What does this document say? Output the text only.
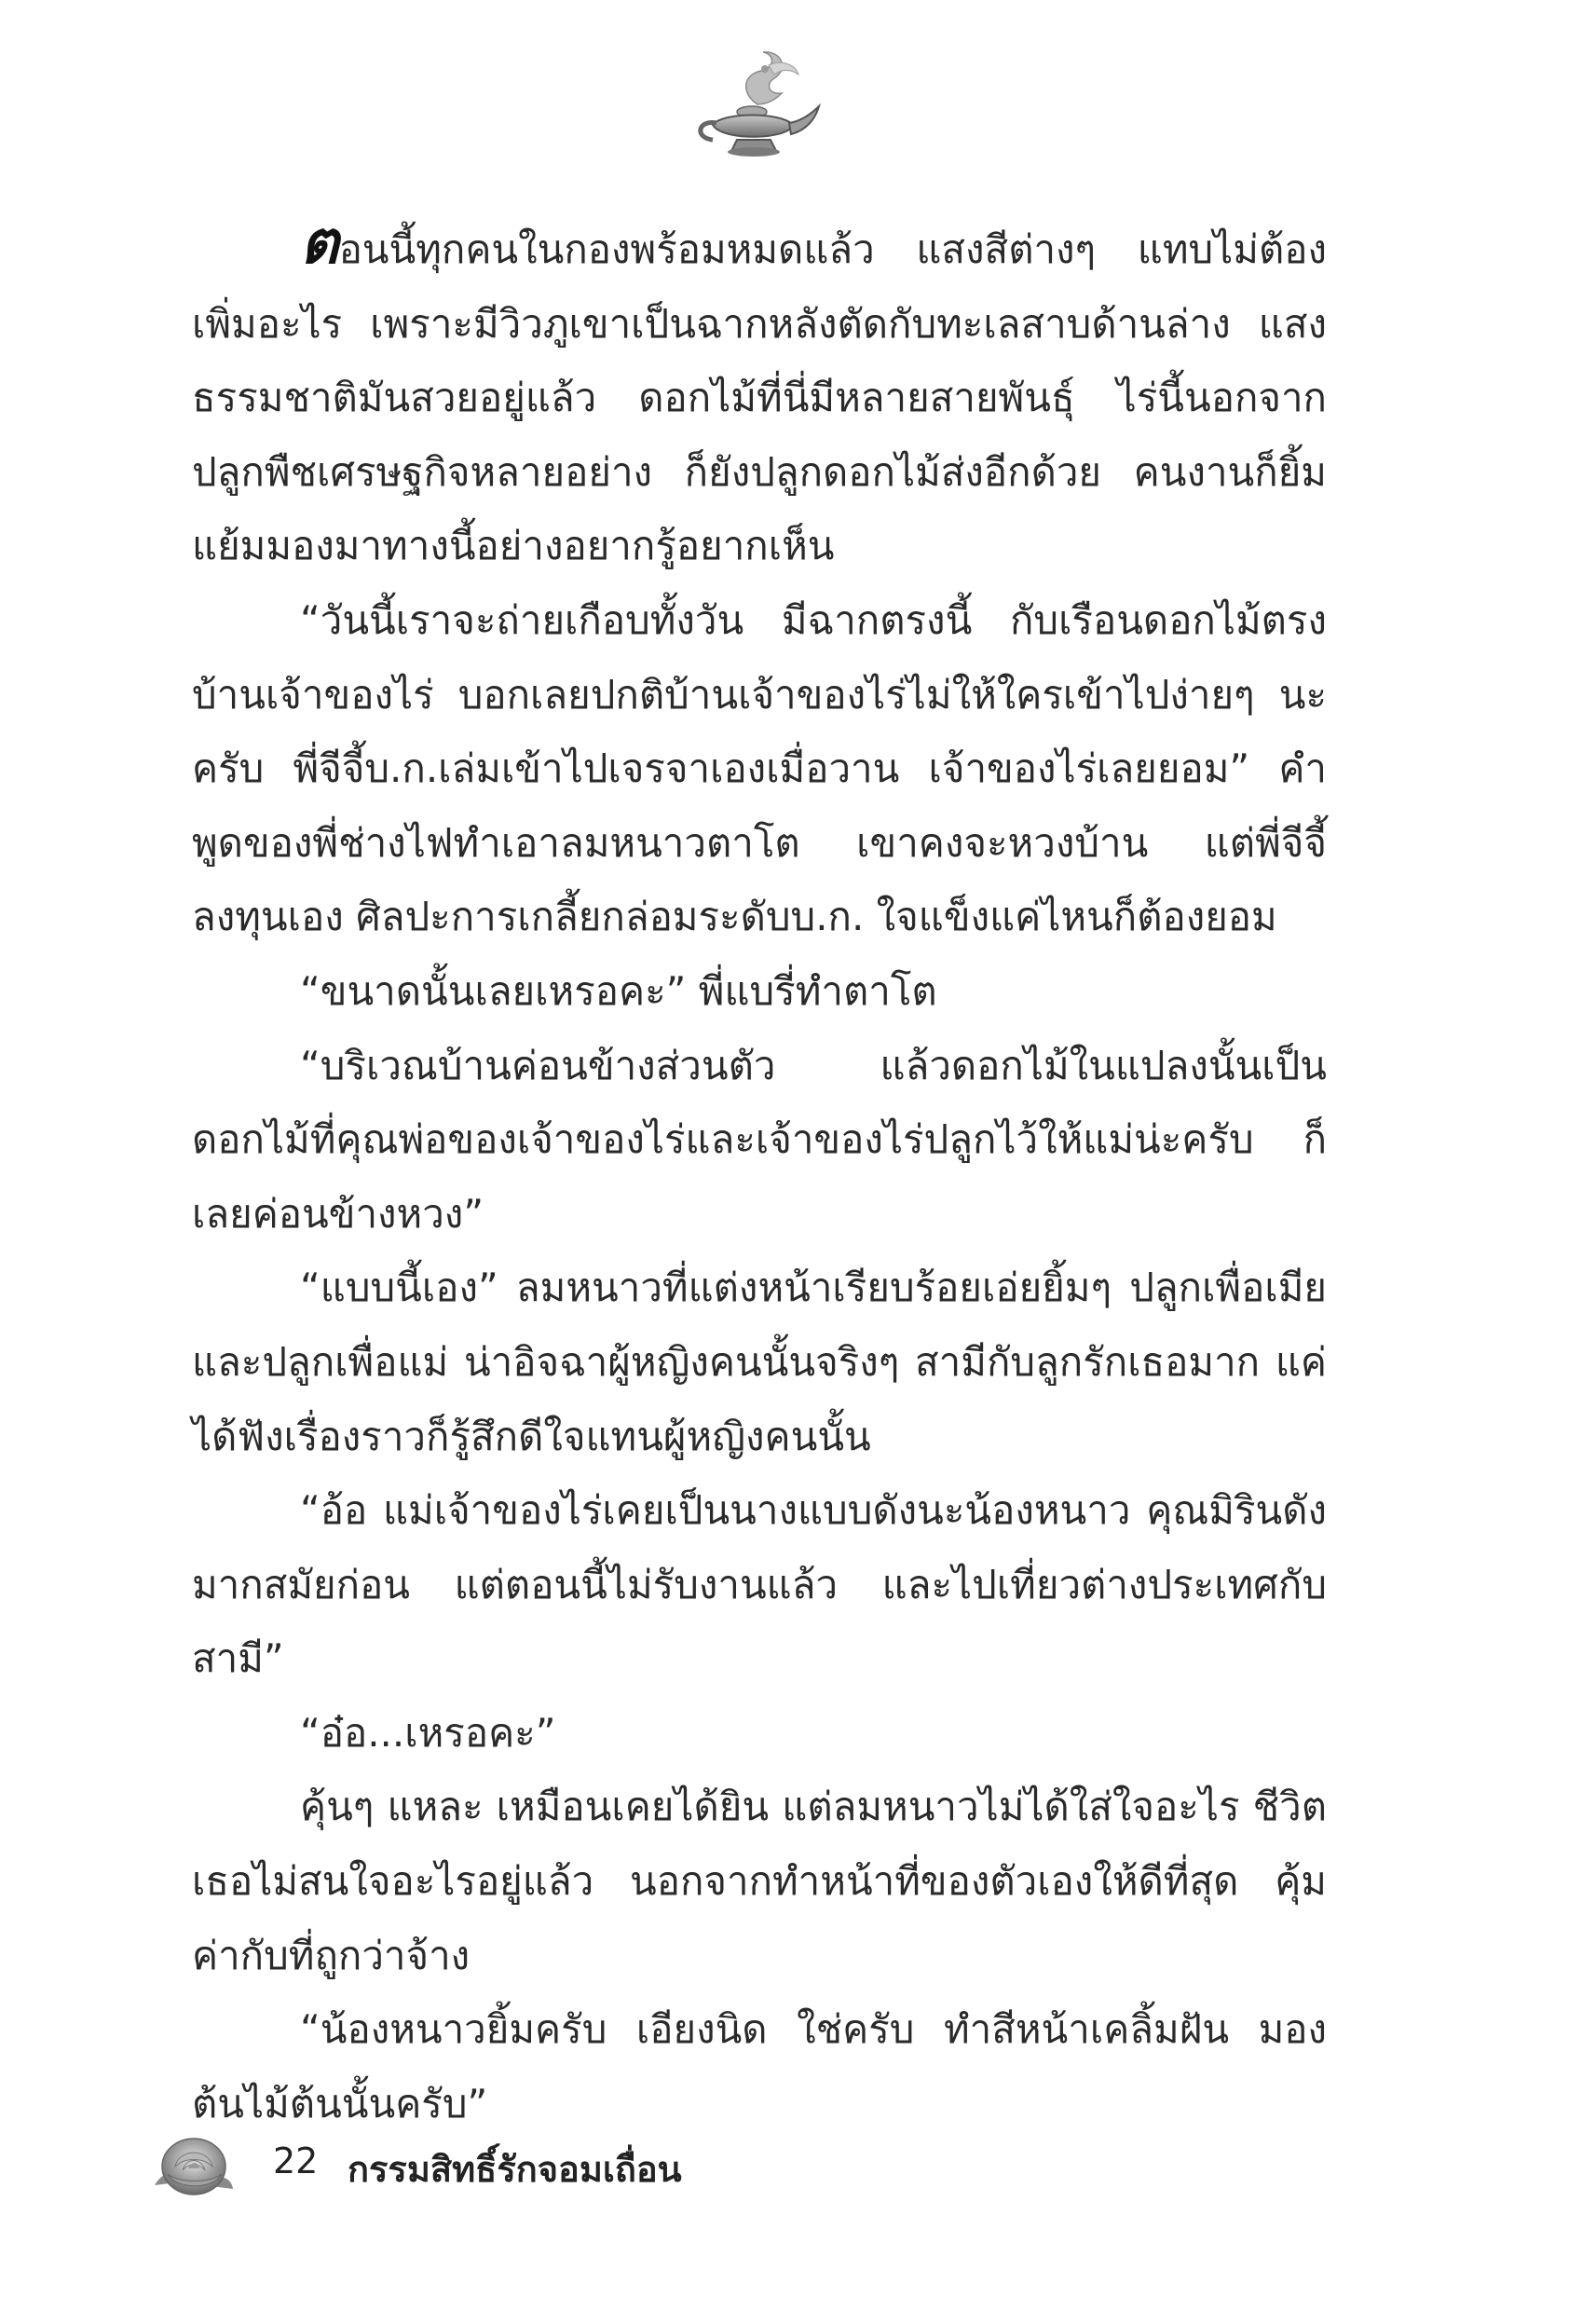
ตอนนี้ทุกคนในกองพร้อมหมดแล้ว แสงสีต่างๆ แทบไม่ต้องเพิ่มอะไร เพราะมีวิวภูเขาเป็นฉากหลังตัดกับทะเลสาบด้านล่าง แสงธรรมชาติมันสวยอยู่แล้ว ดอกไม้ที่นี่มีหลายสายพันธุ์ ไร่นี้นอกจากปลูกพืชเศรษฐกิจหลายอย่าง ก็ยังปลูกดอกไม้ส่งอีกด้วย คนงานก็ยิ้มแย้มมองมาทางนี้อย่างอยากรู้อยากเห็น

“วันนี้เราจะถ่ายเกือบทั้งวัน มีฉากตรงนี้ กับเรือนดอกไม้ตรงบ้านเจ้าของไร่ บอกเลยปกติบ้านเจ้าของไร่ไม่ให้ใครเข้าไปง่ายๆ นะครับ พี่จีจี้บ.ก.เล่มเข้าไปเจรจาเองเมื่อวาน เจ้าของไร่เลยยอม” คำพูดของพี่ช่างไฟทำเอาลมหนาวตาโต เขาคงจะหวงบ้าน แต่พี่จีจี้ลงทุนเอง ศิลปะการเกลี้ยกล่อมระดับบ.ก. ใจแข็งแค่ไหนก็ต้องยอม

“ขนาดนั้นเลยเหรอคะ” พี่แบรี่ทำตาโต

“บริเวณบ้านค่อนข้างส่วนตัว แล้วดอกไม้ในแปลงนั้นเป็นดอกไม้ที่คุณพ่อของเจ้าของไร่และเจ้าของไร่ปลูกไว้ให้แม่น่ะครับ ก็เลยค่อนข้างหวง”

“แบบนี้เอง” ลมหนาวที่แต่งหน้าเรียบร้อยเอ่ยยิ้มๆ ปลูกเพื่อเมียและปลูกเพื่อแม่ น่าอิจฉาผู้หญิงคนนั้นจริงๆ สามีกับลูกรักเธอมาก แค่ได้ฟังเรื่องราวก็รู้สึกดีใจแทนผู้หญิงคนนั้น

“อ้อ แม่เจ้าของไร่เคยเป็นนางแบบดังนะน้องหนาว คุณมิรินดังมากสมัยก่อน แต่ตอนนี้ไม่รับงานแล้ว และไปเที่ยวต่างประเทศกับสามี”

“อ๋อ...เหรอคะ”

คุ้นๆ แหละ เหมือนเคยได้ยิน แต่ลมหนาวไม่ได้ใส่ใจอะไร ชีวิตเธอไม่สนใจอะไรอยู่แล้ว นอกจากทำหน้าที่ของตัวเองให้ดีที่สุด คุ้มค่ากับที่ถูกว่าจ้าง

“น้องหนาวยิ้มครับ เอียงนิด ใช่ครับ ทำสีหน้าเคลิ้มฝัน มองต้นไม้ต้นนั้นครับ”

22 กรรมสิทธิ์รักจอมเถื่อน
